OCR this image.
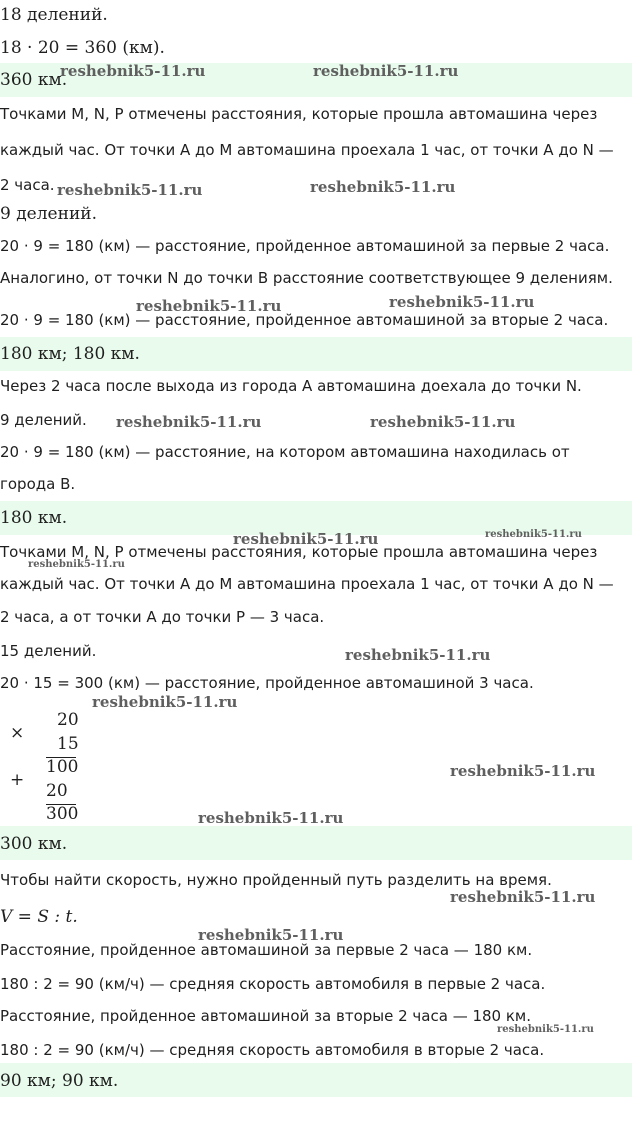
18 делений.
18 · 20 = 360 (км).
360 км.
Точками M, N, P отмечены расстояния, которые прошла автомашина через
каждый час. От точки A до M автомашина проехала 1 час, от точки A до N —
2 часа.
9 делений.
20 · 9 = 180 (км) — расстояние, пройденное автомашиной за первые 2 часа.
Аналогино, от точки N до точки B расстояние соответствующее 9 делениям.
20 · 9 = 180 (км) — расстояние, пройденное автомашиной за вторые 2 часа.
180 км; 180 км.
Через 2 часа после выхода из города A автомашина доехала до точки N.
9 делений.
20 · 9 = 180 (км) — расстояние, на котором автомашина находилась от
города B.
180 км.
Точками M, N, P отмечены расстояния, которые прошла автомашина через
каждый час. От точки A до M автомашина проехала 1 час, от точки A до N —
2 часа, а от точки A до точки P — 3 часа.
15 делений.
20 · 15 = 300 (км) — расстояние, пройденное автомашиной 3 часа.
300 км.
Чтобы найти скорость, нужно пройденный путь разделить на время.
V = S : t.
Расстояние, пройденное автомашиной за первые 2 часа — 180 км.
180 : 2 = 90 (км/ч) — средняя скорость автомобиля в первые 2 часа.
Расстояние, пройденное автомашиной за вторые 2 часа — 180 км.
180 : 2 = 90 (км/ч) — средняя скорость автомобиля в вторые 2 часа.
90 км; 90 км.
×
20
15
+
100
20
300
reshebnik5-11.ru	reshebnik5-11.ru
reshebnik5-11.ru	reshebnik5-11.ru
reshebnik5-11.ru	reshebnik5-11.ru
reshebnik5-11.ru	reshebnik5-11.ru
reshebnik5-11.ru	reshebnik5-11.ru
reshebnik5-11.ru
reshebnik5-11.ru
reshebnik5-11.ru
reshebnik5-11.ru
reshebnik5-11.ru
reshebnik5-11.ru
reshebnik5-11.ru
reshebnik5-11.ru
